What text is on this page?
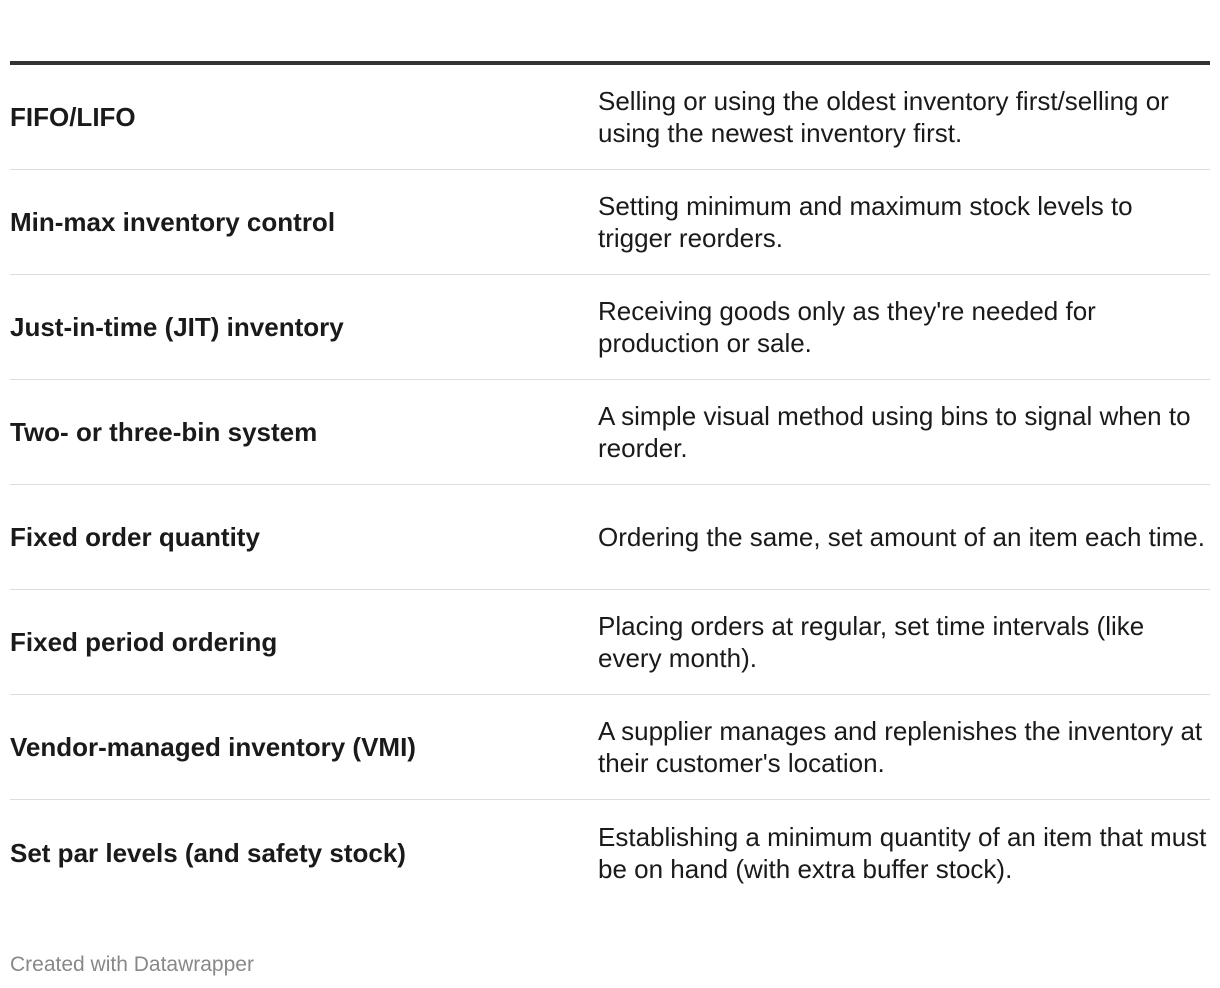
FIFO/LIFO
Selling or using the oldest inventory first/selling or using the newest inventory first.
Min-max inventory control
Setting minimum and maximum stock levels to trigger reorders.
Just-in-time (JIT) inventory
Receiving goods only as they're needed for production or sale.
Two- or three-bin system
A simple visual method using bins to signal when to reorder.
Fixed order quantity	Ordering the same, set amount of an item each time.
Fixed period ordering
Placing orders at regular, set time intervals (like every month).
Vendor-managed inventory (VMI)
A supplier manages and replenishes the inventory at their customer's location.
Set par levels (and safety stock)
Establishing a minimum quantity of an item that must be on hand (with extra buffer stock).
Created with Datawrapper
